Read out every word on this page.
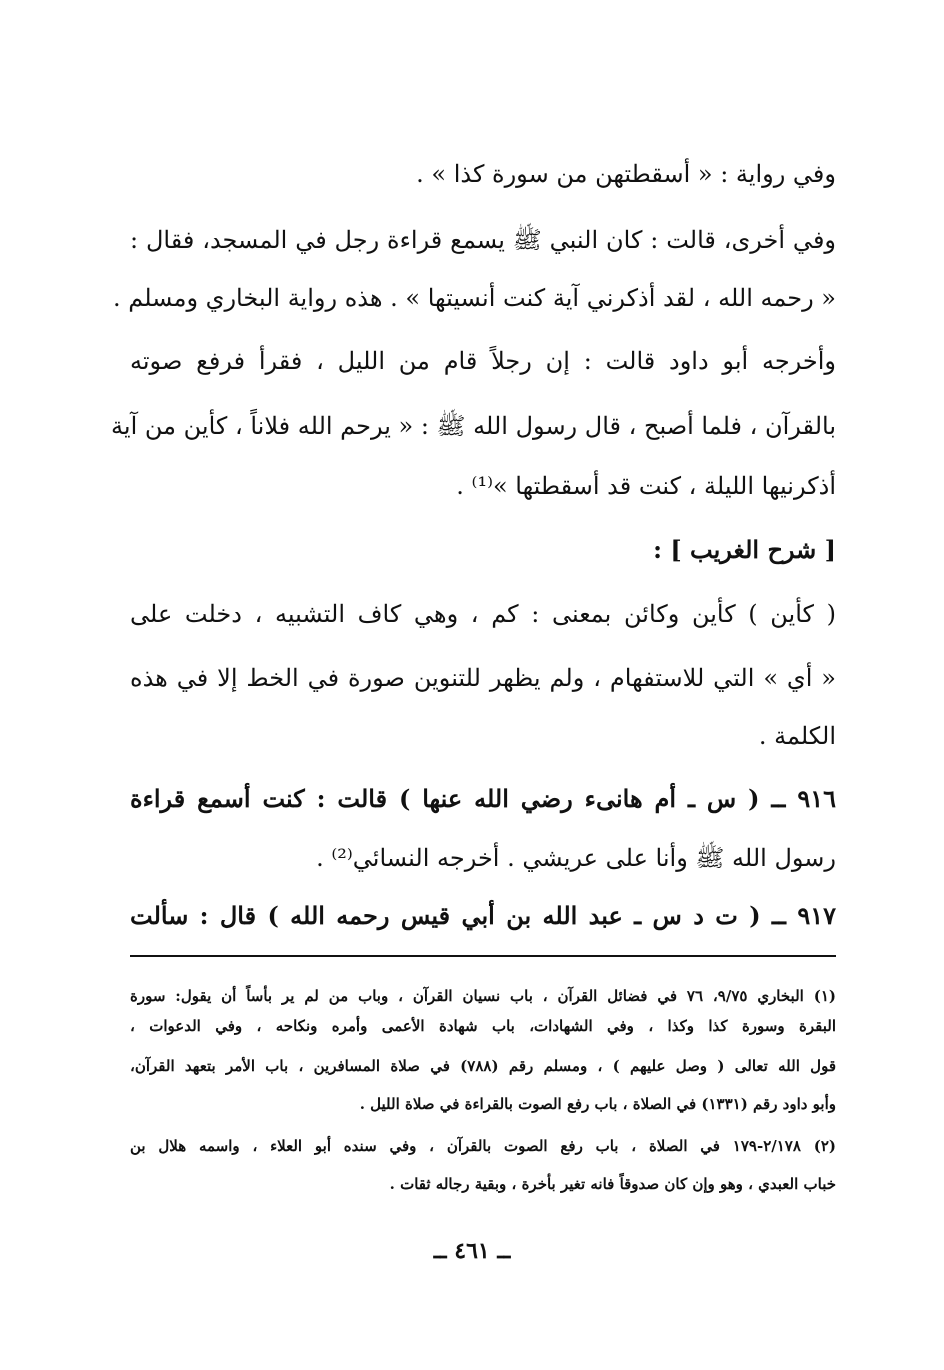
وفي رواية : « أسقطتهن من سورة كذا » .
وفي أخرى، قالت : كان النبي ﷺ يسمع قراءة رجل في المسجد، فقال :
« رحمه الله ، لقد أذكرني آية كنت أنسيتها » . هذه رواية البخاري ومسلم .
وأخرجه أبو داود قالت : إن رجلاً قام من الليل ، فقرأ فرفع صوته
بالقرآن ، فلما أصبح ، قال رسول الله ﷺ : « يرحم الله فلاناً ، كأين من آية
أذكرنيها الليلة ، كنت قد أسقطتها »⁽¹⁾ .
[ شرح الغريب ] :
( كأين ) كأين وكائن بمعنى : كم ، وهي كاف التشبيه ، دخلت على
« أي » التي للاستفهام ، ولم يظهر للتنوين صورة في الخط إلا في هذه
الكلمة .
٩١٦ ــ ( س ـ أم هانىء رضي الله عنها ) قالت : كنت أسمع قراءة
رسول الله ﷺ وأنا على عريشي . أخرجه النسائي⁽²⁾ .
٩١٧ ــ ( ت د س ـ عبد الله بن أبي قيس رحمه الله ) قال : سألت
(١) البخاري ٩/٧٥، ٧٦ في فضائل القرآن ، باب نسيان القرآن ، وباب من لم ير بأساً أن يقول: سورة
البقرة وسورة كذا وكذا ، وفي الشهادات، باب شهادة الأعمى وأمره ونكاحه ، وفي الدعوات ،
قول الله تعالى ( وصل عليهم ) ، ومسلم رقم (٧٨٨) في صلاة المسافرين ، باب الأمر بتعهد القرآن،
وأبو داود رقم (١٣٣١) في الصلاة ، باب رفع الصوت بالقراءة في صلاة الليل .
(٢) ٢/١٧٨-١٧٩ في الصلاة ، باب رفع الصوت بالقرآن ، وفي سنده أبو العلاء ، واسمه هلال بن
خباب العبدي ، وهو وإن كان صدوقاً فانه تغير بأخرة ، وبقية رجاله ثقات .
ــ ٤٦١ ــ
